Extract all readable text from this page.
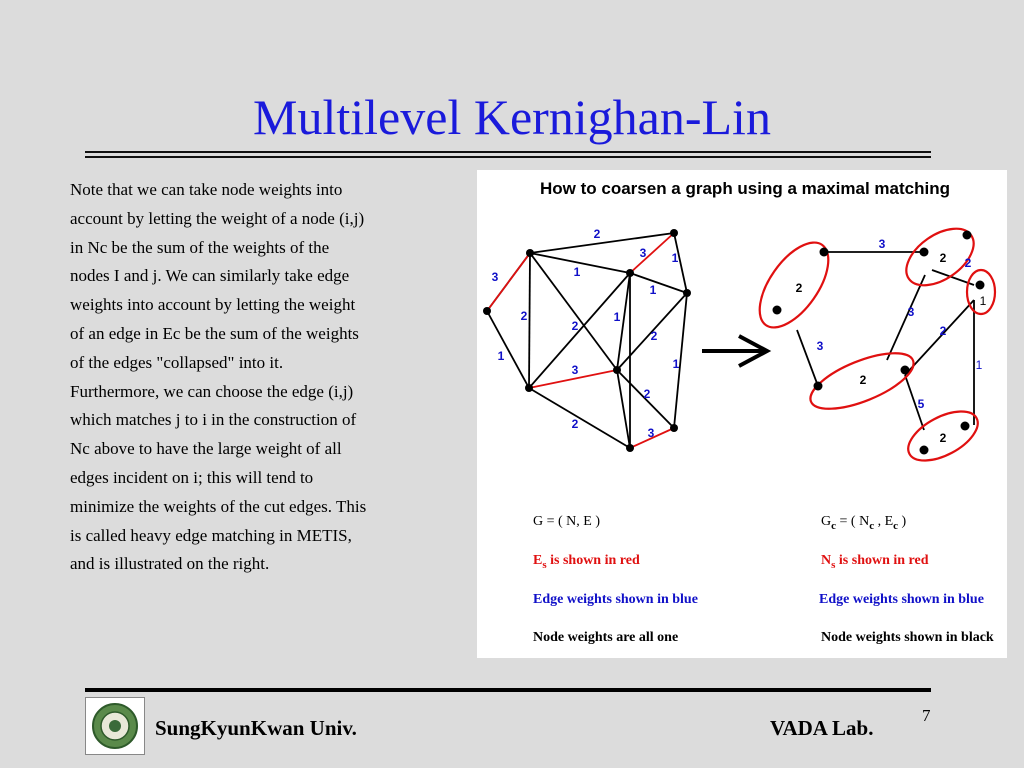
Multilevel Kernighan-Lin
Note that we can take node weights into
account by letting the weight of a node (i,j)
in Nc be the sum of the weights of the
nodes I and j. We can similarly take edge
weights into account by letting the weight
of an edge in Ec be the sum of the weights
of the edges "collapsed" into it.
Furthermore, we can choose the edge (i,j)
which matches j to i in the construction of
Nc above to have the large weight of all
edges incident on i; this will tend to
minimize the weights of the cut edges. This
is called heavy edge matching in METIS,
and is illustrated on the right.
How to coarsen a graph using a maximal matching
2
3 1
3	1
2
1
2
1
2
1
3
2
1
2
3
2
2
1
2
2
3
2
3
3
2
1
5
G = ( N, E )
$E_s$ is shown in red
Edge weights shown in blue
Node weights are all one
$G_c$ = ( $N_c$ , $E_c$ )
$N_s$ is shown in red
Edge weights shown in blue
Node weights shown in black
SungKyunKwan Univ.	VADA Lab.
7
